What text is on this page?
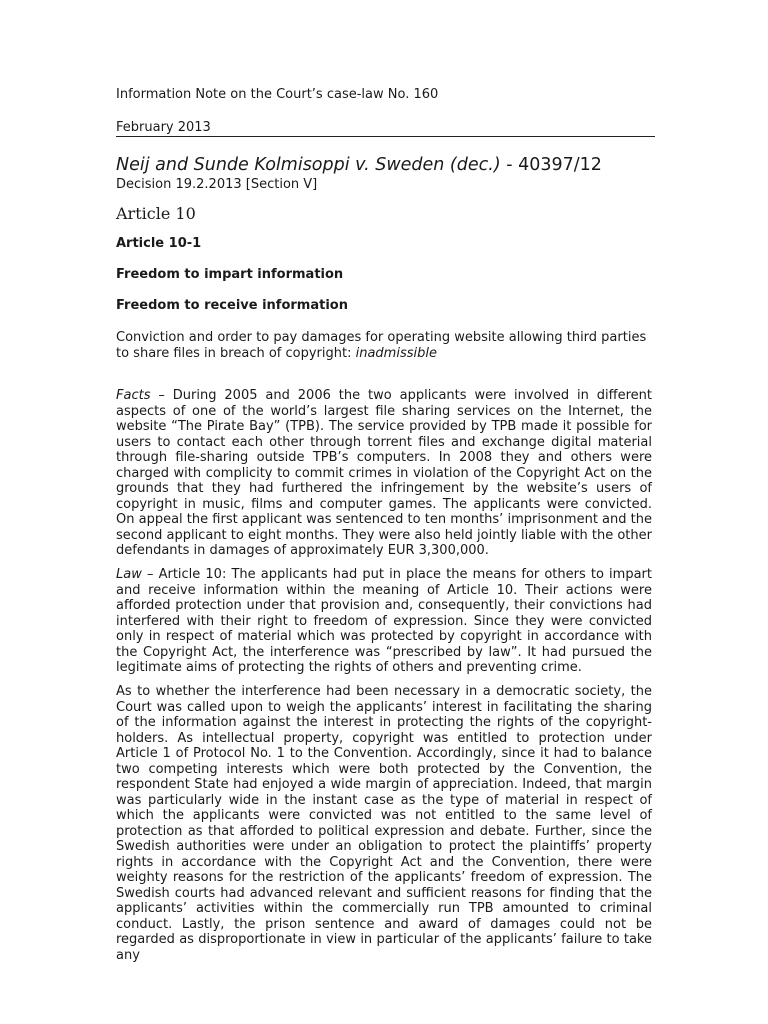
Information Note on the Court’s case-law No. 160
February 2013
Neij and Sunde Kolmisoppi v. Sweden (dec.) - 40397/12
Decision 19.2.2013 [Section V]
Article 10
Article 10-1
Freedom to impart information
Freedom to receive information
Conviction and order to pay damages for operating website allowing third parties to share files in breach of copyright: inadmissible
Facts – During 2005 and 2006 the two applicants were involved in different aspects of one of the world’s largest file sharing services on the Internet, the website “The Pirate Bay” (TPB). The service provided by TPB made it possible for users to contact each other through torrent files and exchange digital material through file-sharing outside TPB’s computers. In 2008 they and others were charged with complicity to commit crimes in violation of the Copyright Act on the grounds that they had furthered the infringement by the website’s users of copyright in music, films and computer games. The applicants were convicted. On appeal the first applicant was sentenced to ten months’ imprisonment and the second applicant to eight months. They were also held jointly liable with the other defendants in damages of approximately EUR 3,300,000.
Law – Article 10: The applicants had put in place the means for others to impart and receive information within the meaning of Article 10. Their actions were afforded protection under that provision and, consequently, their convictions had interfered with their right to freedom of expression. Since they were convicted only in respect of material which was protected by copyright in accordance with the Copyright Act, the interference was “prescribed by law”. It had pursued the legitimate aims of protecting the rights of others and preventing crime.
As to whether the interference had been necessary in a democratic society, the Court was called upon to weigh the applicants’ interest in facilitating the sharing of the information against the interest in protecting the rights of the copyright-holders. As intellectual property, copyright was entitled to protection under Article 1 of Protocol No. 1 to the Convention. Accordingly, since it had to balance two competing interests which were both protected by the Convention, the respondent State had enjoyed a wide margin of appreciation. Indeed, that margin was particularly wide in the instant case as the type of material in respect of which the applicants were convicted was not entitled to the same level of protection as that afforded to political expression and debate. Further, since the Swedish authorities were under an obligation to protect the plaintiffs’ property rights in accordance with the Copyright Act and the Convention, there were weighty reasons for the restriction of the applicants’ freedom of expression. The Swedish courts had advanced relevant and sufficient reasons for finding that the applicants’ activities within the commercially run TPB amounted to criminal conduct. Lastly, the prison sentence and award of damages could not be regarded as disproportionate in view in particular of the applicants’ failure to take any
